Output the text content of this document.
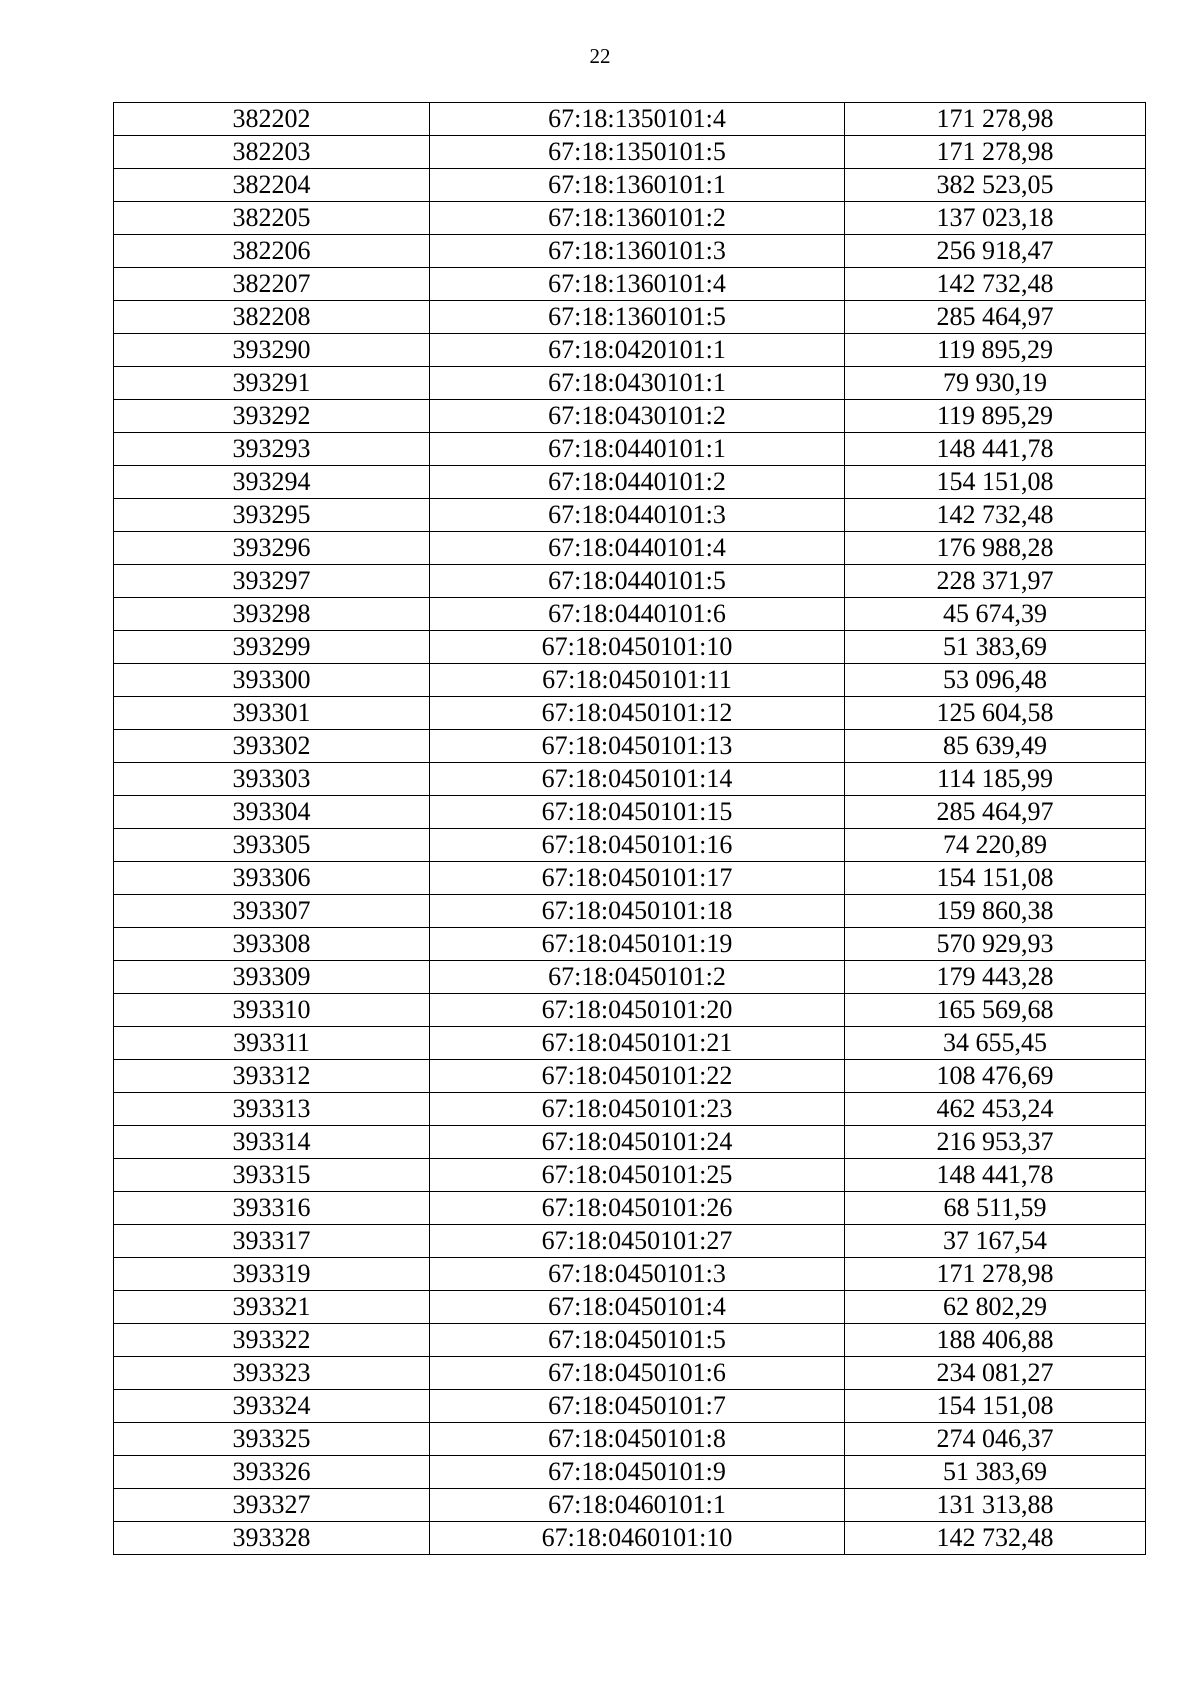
22
382202	67:18:1350101:4	171 278,98
382203	67:18:1350101:5	171 278,98
382204	67:18:1360101:1	382 523,05
382205	67:18:1360101:2	137 023,18
382206	67:18:1360101:3	256 918,47
382207	67:18:1360101:4	142 732,48
382208	67:18:1360101:5	285 464,97
393290	67:18:0420101:1	119 895,29
393291	67:18:0430101:1	79 930,19
393292	67:18:0430101:2	119 895,29
393293	67:18:0440101:1	148 441,78
393294	67:18:0440101:2	154 151,08
393295	67:18:0440101:3	142 732,48
393296	67:18:0440101:4	176 988,28
393297	67:18:0440101:5	228 371,97
393298	67:18:0440101:6	45 674,39
393299	67:18:0450101:10	51 383,69
393300	67:18:0450101:11	53 096,48
393301	67:18:0450101:12	125 604,58
393302	67:18:0450101:13	85 639,49
393303	67:18:0450101:14	114 185,99
393304	67:18:0450101:15	285 464,97
393305	67:18:0450101:16	74 220,89
393306	67:18:0450101:17	154 151,08
393307	67:18:0450101:18	159 860,38
393308	67:18:0450101:19	570 929,93
393309	67:18:0450101:2	179 443,28
393310	67:18:0450101:20	165 569,68
393311	67:18:0450101:21	34 655,45
393312	67:18:0450101:22	108 476,69
393313	67:18:0450101:23	462 453,24
393314	67:18:0450101:24	216 953,37
393315	67:18:0450101:25	148 441,78
393316	67:18:0450101:26	68 511,59
393317	67:18:0450101:27	37 167,54
393319	67:18:0450101:3	171 278,98
393321	67:18:0450101:4	62 802,29
393322	67:18:0450101:5	188 406,88
393323	67:18:0450101:6	234 081,27
393324	67:18:0450101:7	154 151,08
393325	67:18:0450101:8	274 046,37
393326	67:18:0450101:9	51 383,69
393327	67:18:0460101:1	131 313,88
393328	67:18:0460101:10	142 732,48
